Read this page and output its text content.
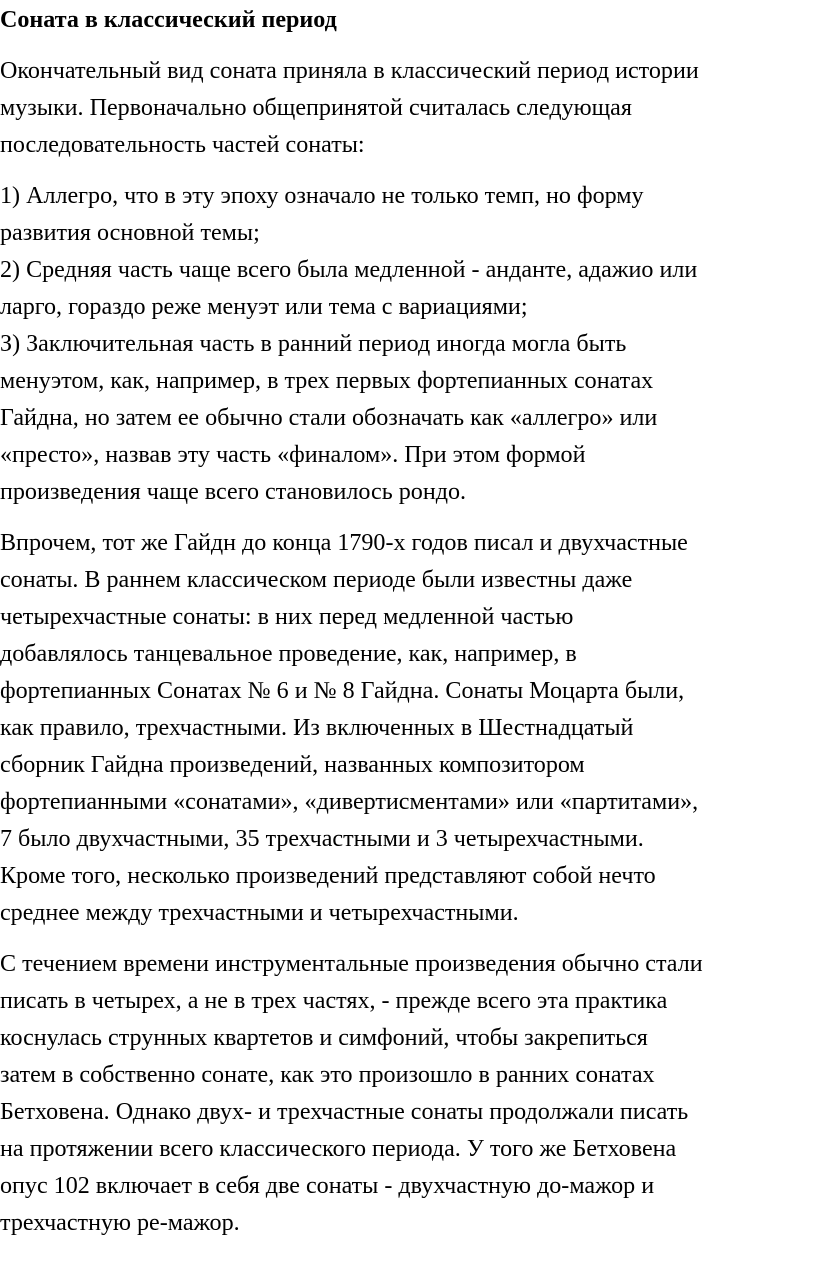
Соната в классический период
Окончательный вид соната приняла в классический период истории
музыки. Первоначально общепринятой считалась следующая
последовательность частей сонаты:
1) Аллегро, что в эту эпоху означало не только темп, но форму
развития основной темы;
2) Средняя часть чаще всего была медленной - анданте, адажио или
ларго, гораздо реже менуэт или тема с вариациями;
З) Заключительная часть в ранний период иногда могла быть
менуэтом, как, например, в трех первых фортепианных сонатах
Гайдна, но затем ее обычно стали обозначать как «аллегро» или
«престо», назвав эту часть «финалом». При этом формой
произведения чаще всего становилось рондо.
Впрочем, тот же Гайдн до конца 1790-х годов писал и двухчастные
сонаты. В раннем классическом периоде были известны даже
четырехчастные сонаты: в них перед медленной частью
добавлялось танцевальное проведение, как, например, в
фортепианных Сонатах № 6 и № 8 Гайдна. Сонаты Моцарта были,
как правило, трехчастными. Из включенных в Шестнадцатый
сборник Гайдна произведений, названных композитором
фортепианными «сонатами», «дивертисментами» или «партитами»,
7 было двухчастными, 35 трехчастными и 3 четырехчастными.
Кроме того, несколько произведений представляют собой нечто
среднее между трехчастными и четырехчастными.
С течением времени инструментальные произведения обычно стали
писать в четырех, а не в трех частях, - прежде всего эта практика
коснулась струнных квартетов и симфоний, чтобы закрепиться
затем в собственно сонате, как это произошло в ранних сонатах
Бетховена. Однако двух- и трехчастные сонаты продолжали писать
на протяжении всего классического периода. У того же Бетховена
опус 102 включает в себя две сонаты - двухчастную до-мажор и
трехчастную ре-мажор.
